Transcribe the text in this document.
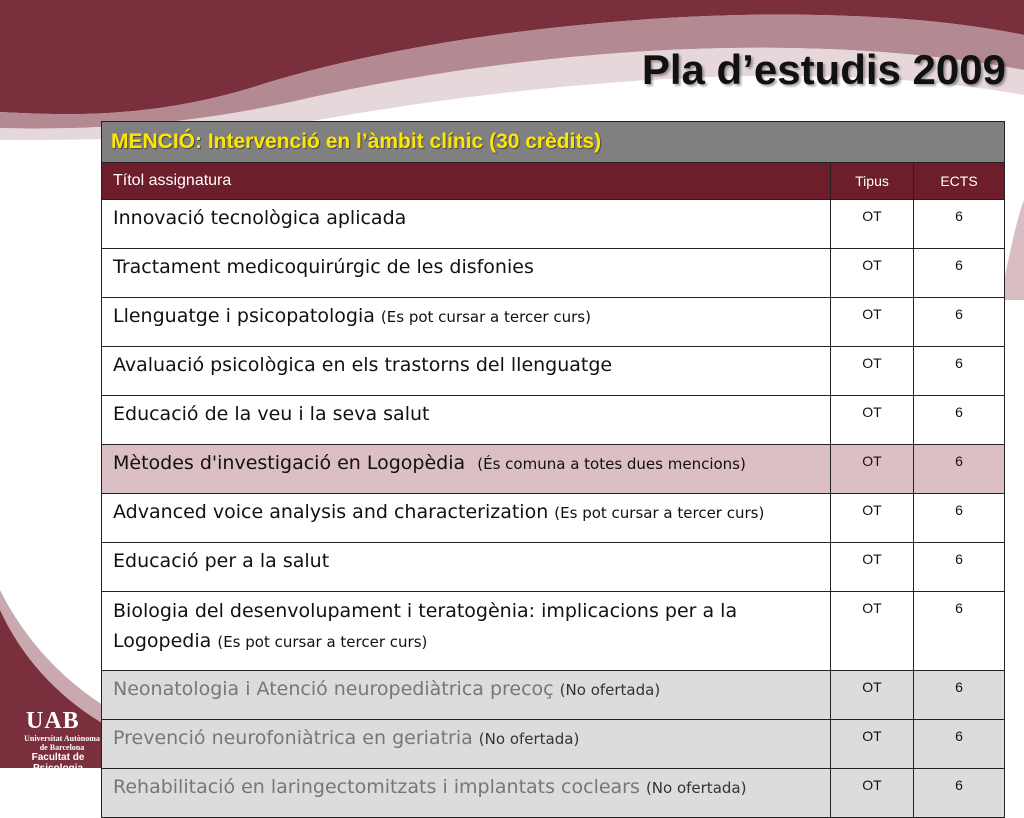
Pla d’estudis 2009
MENCIÓ: Intervenció en l’àmbit clínic (30 crèdits)		
Títol assignatura	Tipus	ECTS
Innovació tecnològica aplicada	OT	6
Tractament medicoquirúrgic de les disfonies	OT	6
Llenguatge i psicopatologia (Es pot cursar a tercer curs)	OT	6
Avaluació psicològica en els trastorns del llenguatge	OT	6
Educació de la veu i la seva salut	OT	6
Mètodes d'investigació en Logopèdia (És comuna a totes dues mencions)	OT	6
Advanced voice analysis and characterization (Es pot cursar a tercer curs)	OT	6
Educació per a la salut	OT	6
Biologia del desenvolupament i teratogènia: implicacions per a la Logopedia (Es pot cursar a tercer curs)	OT	6
Neonatologia i Atenció neuropediàtrica precoç (No ofertada)	OT	6
Prevenció neurofoniàtrica en geriatria (No ofertada)	OT	6
Rehabilitació en laringectomitzats i implantats coclears (No ofertada)	OT	6
UAB
Universitat Autònoma
de Barcelona
Facultat de Psicologia
